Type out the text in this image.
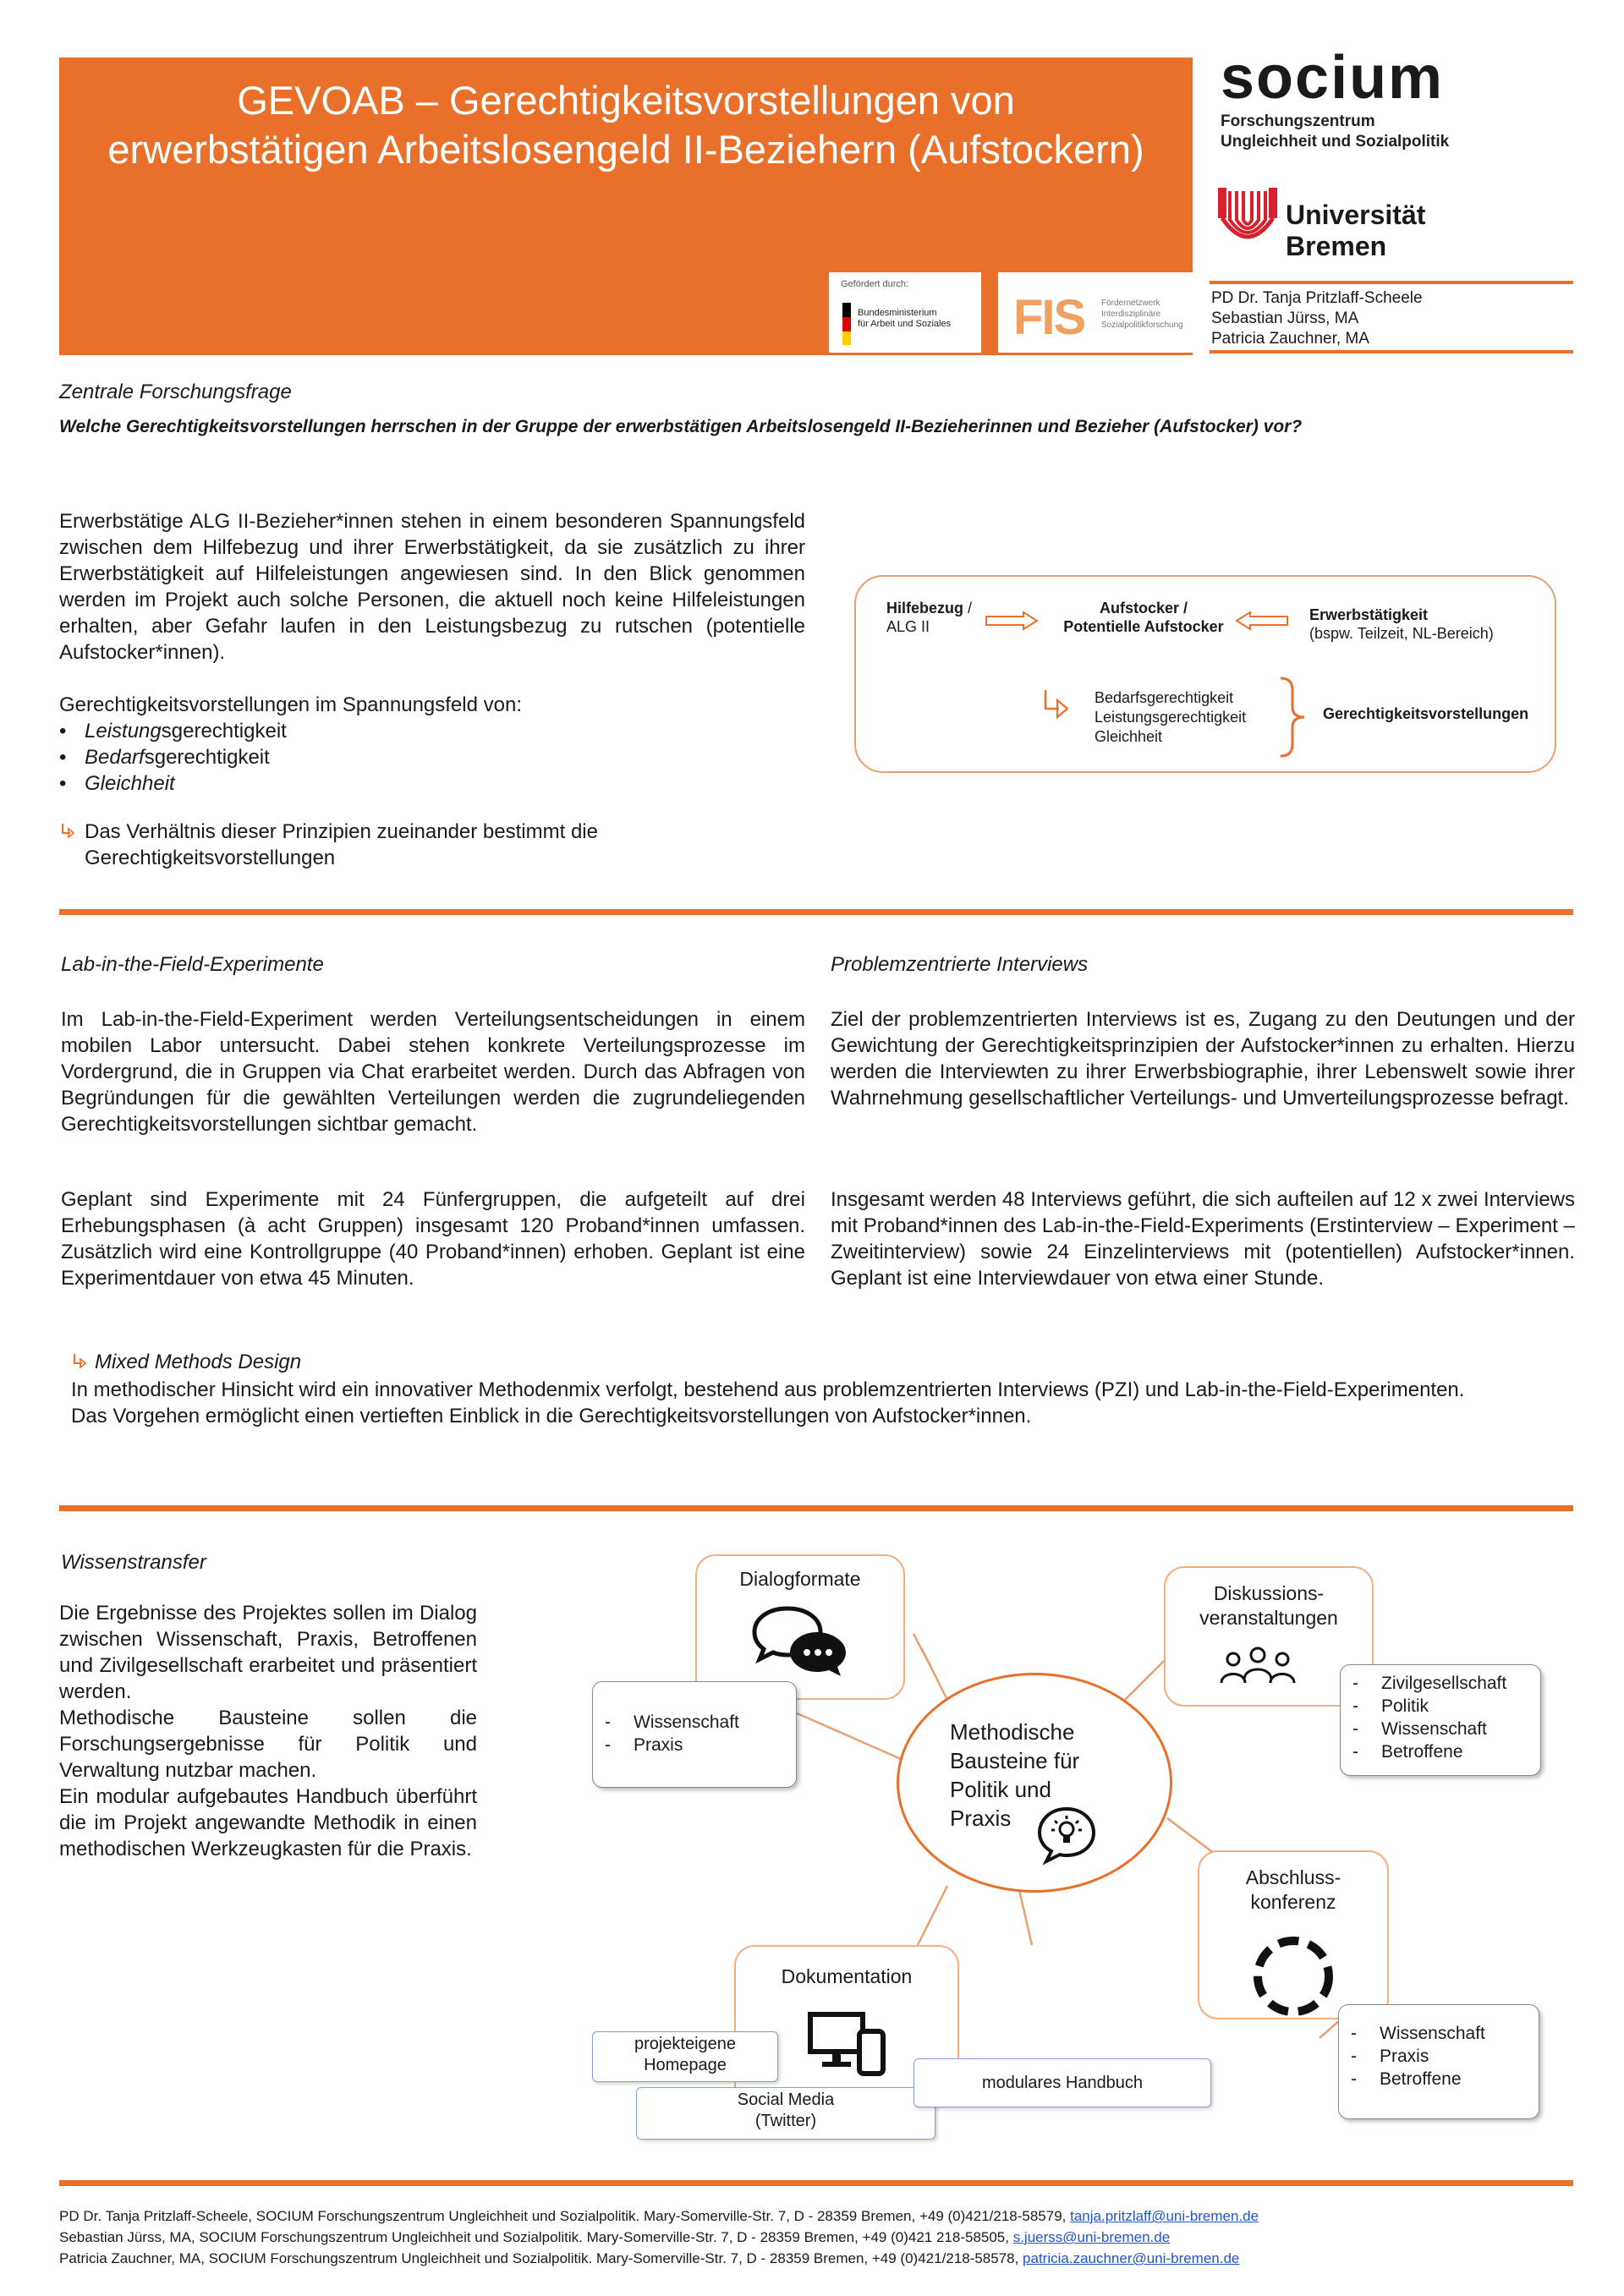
GEVOAB – Gerechtigkeitsvorstellungen von
erwerbstätigen Arbeitslosengeld II-Beziehern (Aufstockern)
Gefördert durch:
Bundesministerium
für Arbeit und Soziales FIS Fördernetzwerk
Interdisziplinäre
Sozialpolitikforschung
socium
Forschungszentrum
Ungleichheit und Sozialpolitik
Universität Bremen
PD Dr. Tanja Pritzlaff-Scheele
Sebastian Jürss, MA
Patricia Zauchner, MA
Zentrale Forschungsfrage
Welche Gerechtigkeitsvorstellungen herrschen in der Gruppe der erwerbstätigen Arbeitslosengeld II-Bezieherinnen und Bezieher (Aufstocker) vor?
Erwerbstätige ALG II-Bezieher*innen stehen in einem besonderen Spannungsfeld zwischen dem Hilfebezug und ihrer Erwerbstätigkeit, da sie zusätzlich zu ihrer Erwerbstätigkeit auf Hilfeleistungen angewiesen sind. In den Blick genommen werden im Projekt auch solche Personen, die aktuell noch keine Hilfeleistungen erhalten, aber Gefahr laufen in den Leistungsbezug zu rutschen (potentielle Aufstocker*innen).
Gerechtigkeitsvorstellungen im Spannungsfeld von:
• Leistungsgerechtigkeit
• Bedarfsgerechtigkeit
• Gleichheit
Das Verhältnis dieser Prinzipien zueinander bestimmt die
Gerechtigkeitsvorstellungen
Hilfebezug /
ALG II
Aufstocker /
Potentielle Aufstocker
Erwerbstätigkeit
(bspw. Teilzeit, NL-Bereich)
Bedarfsgerechtigkeit
Leistungsgerechtigkeit
Gleichheit
Gerechtigkeitsvorstellungen
Lab-in-the-Field-Experimente
Im Lab-in-the-Field-Experiment werden Verteilungsentscheidungen in einem mobilen Labor untersucht. Dabei stehen konkrete Verteilungsprozesse im Vordergrund, die in Gruppen via Chat erarbeitet werden. Durch das Abfragen von Begründungen für die gewählten Verteilungen werden die zugrundeliegenden Gerechtigkeitsvorstellungen sichtbar gemacht.
Geplant sind Experimente mit 24 Fünfergruppen, die aufgeteilt auf drei Erhebungsphasen (à acht Gruppen) insgesamt 120 Proband*innen umfassen. Zusätzlich wird eine Kontrollgruppe (40 Proband*innen) erhoben. Geplant ist eine Experimentdauer von etwa 45 Minuten.
Problemzentrierte Interviews
Ziel der problemzentrierten Interviews ist es, Zugang zu den Deutungen und der Gewichtung der Gerechtigkeitsprinzipien der Aufstocker*innen zu erhalten. Hierzu werden die Interviewten zu ihrer Erwerbsbiographie, ihrer Lebenswelt sowie ihrer Wahrnehmung gesellschaftlicher Verteilungs- und Umverteilungsprozesse befragt.
Insgesamt werden 48 Interviews geführt, die sich aufteilen auf 12 x zwei Interviews mit Proband*innen des Lab-in-the-Field-Experiments (Erstinterview – Experiment – Zweitinterview) sowie 24 Einzelinterviews mit (potentiellen) Aufstocker*innen. Geplant ist eine Interviewdauer von etwa einer Stunde.
Mixed Methods Design
In methodischer Hinsicht wird ein innovativer Methodenmix verfolgt, bestehend aus problemzentrierten Interviews (PZI) und Lab-in-the-Field-Experimenten.
Das Vorgehen ermöglicht einen vertieften Einblick in die Gerechtigkeitsvorstellungen von Aufstocker*innen.
Wissenstransfer
Die Ergebnisse des Projektes sollen im Dialog zwischen Wissenschaft, Praxis, Betroffenen und Zivilgesellschaft erarbeitet und präsentiert werden.
Methodische Bausteine sollen die Forschungsergebnisse für Politik und Verwaltung nutzbar machen.
Ein modular aufgebautes Handbuch überführt die im Projekt angewandte Methodik in einen methodischen Werkzeugkasten für die Praxis.
Methodische
Bausteine für
Politik und
Praxis
Dialogformate
- Wissenschaft
- Praxis
Diskussions-
veranstaltungen
- Zivilgesellschaft
- Politik
- Wissenschaft
- Betroffene
Abschluss-
konferenz
- Wissenschaft
- Praxis
- Betroffene
Dokumentation
projekteigene
Homepage
Social Media
(Twitter)
modulares Handbuch
PD Dr. Tanja Pritzlaff-Scheele, SOCIUM Forschungszentrum Ungleichheit und Sozialpolitik. Mary-Somerville-Str. 7, D - 28359 Bremen, +49 (0)421/218-58579, tanja.pritzlaff@uni-bremen.de
Sebastian Jürss, MA, SOCIUM Forschungszentrum Ungleichheit und Sozialpolitik. Mary-Somerville-Str. 7, D - 28359 Bremen, +49 (0)421 218-58505, s.juerss@uni-bremen.de
Patricia Zauchner, MA, SOCIUM Forschungszentrum Ungleichheit und Sozialpolitik. Mary-Somerville-Str. 7, D - 28359 Bremen, +49 (0)421/218-58578, patricia.zauchner@uni-bremen.de
